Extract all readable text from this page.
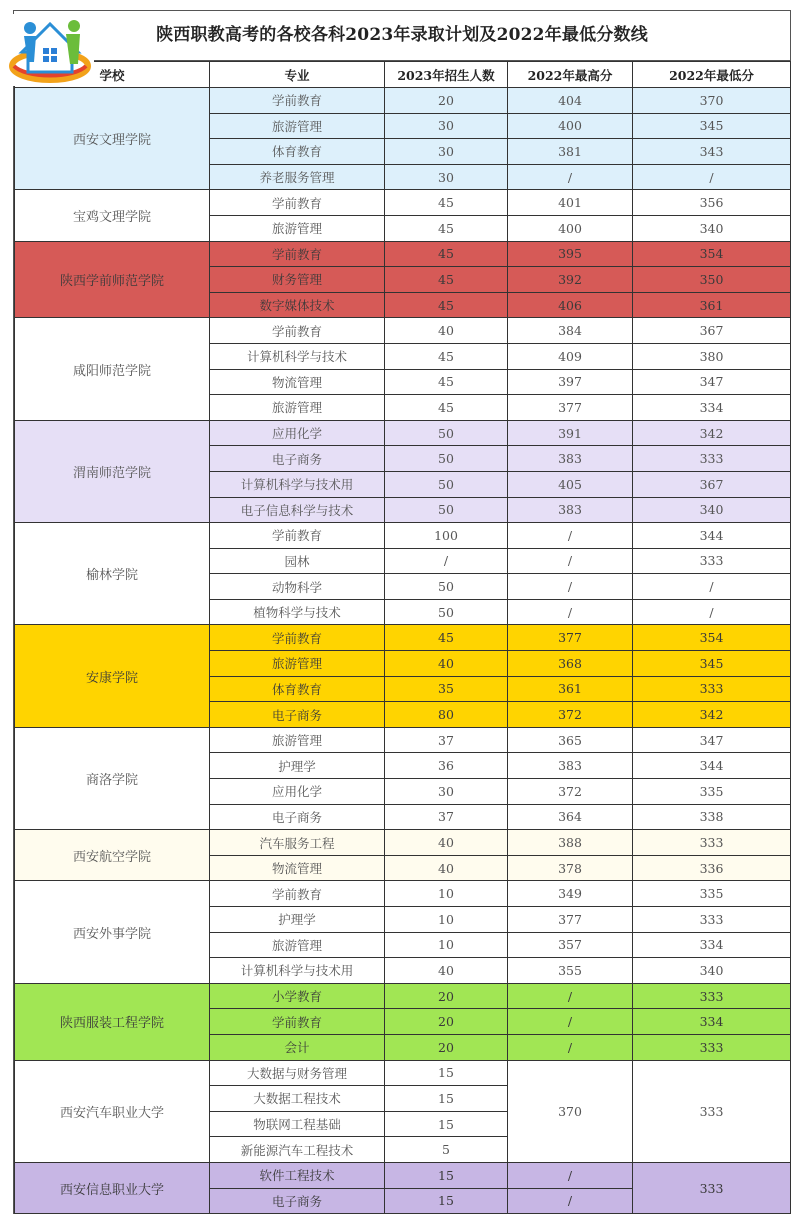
陕西职教高考的各校各科2023年录取计划及2022年最低分数线
学校	专业	2023年招生人数	2022年最高分	2022年最低分
西安文理学院	学前教育	20	404	370
	旅游管理	30	400	345
	体育教育	30	381	343
	养老服务管理	30	/	/
宝鸡文理学院	学前教育	45	401	356
	旅游管理	45	400	340
陕西学前师范学院	学前教育	45	395	354
	财务管理	45	392	350
	数字媒体技术	45	406	361
咸阳师范学院	学前教育	40	384	367
	计算机科学与技术	45	409	380
	物流管理	45	397	347
	旅游管理	45	377	334
渭南师范学院	应用化学	50	391	342
	电子商务	50	383	333
	计算机科学与技术用	50	405	367
	电子信息科学与技术	50	383	340
榆林学院	学前教育	100	/	344
	园林	/	/	333
	动物科学	50	/	/
	植物科学与技术	50	/	/
安康学院	学前教育	45	377	354
	旅游管理	40	368	345
	体育教育	35	361	333
	电子商务	80	372	342
商洛学院	旅游管理	37	365	347
	护理学	36	383	344
	应用化学	30	372	335
	电子商务	37	364	338
西安航空学院	汽车服务工程	40	388	333
	物流管理	40	378	336
西安外事学院	学前教育	10	349	335
	护理学	10	377	333
	旅游管理	10	357	334
	计算机科学与技术用	40	355	340
陕西服装工程学院	小学教育	20	/	333
	学前教育	20	/	334
	会计	20	/	333
西安汽车职业大学	大数据与财务管理	15	370	333
	大数据工程技术	15		
	物联网工程基础	15		
	新能源汽车工程技术	5		
西安信息职业大学	软件工程技术	15	/	333
	电子商务	15	/	
